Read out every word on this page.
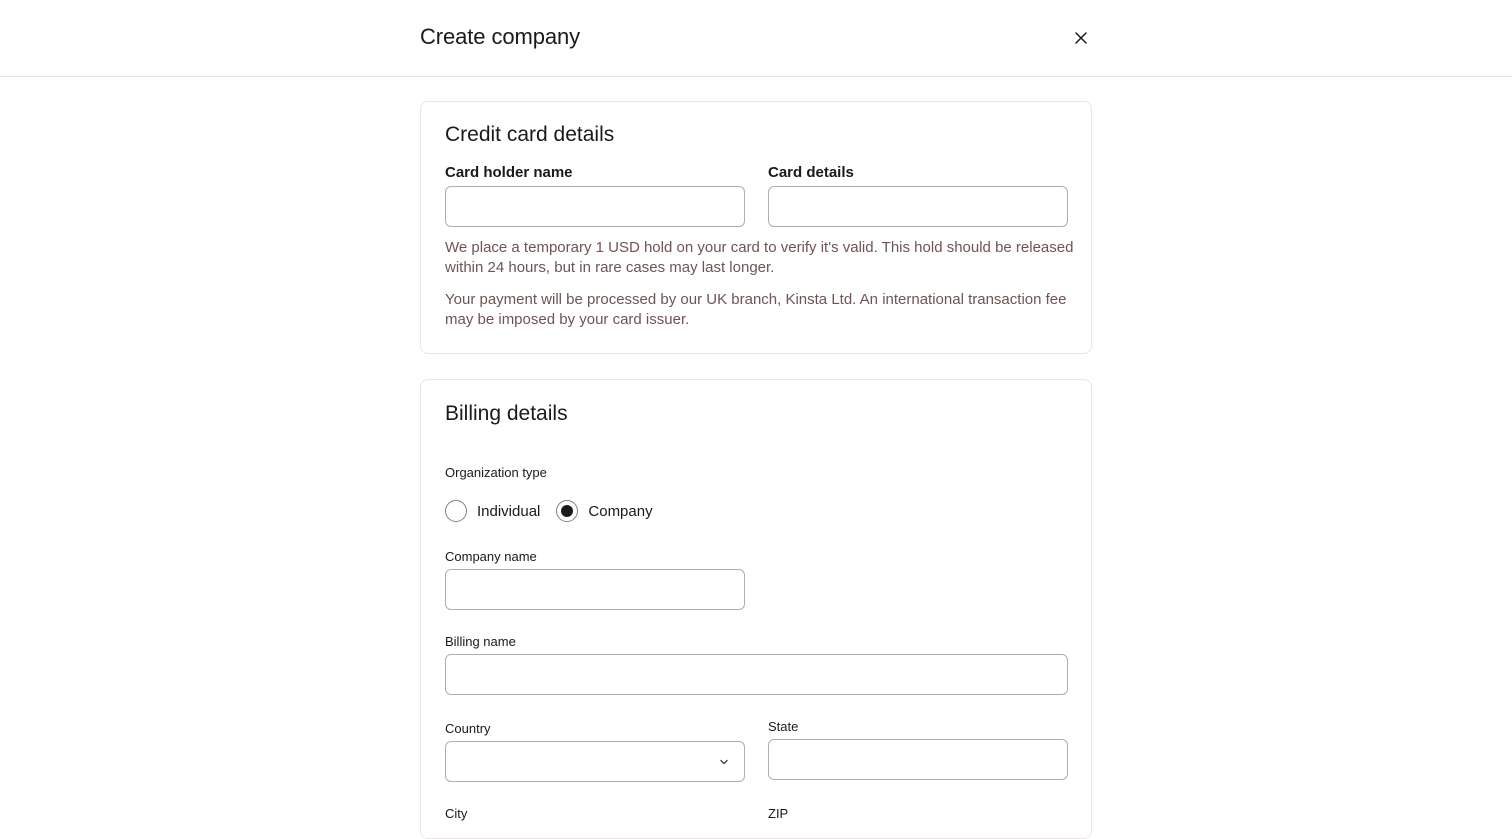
Create company
Credit card details
Card holder name	Card details
We place a temporary 1 USD hold on your card to verify it's valid. This hold should be released within 24 hours, but in rare cases may last longer.
Your payment will be processed by our UK branch, Kinsta Ltd. An international transaction fee may be imposed by your card issuer.
Billing details
Organization type
Individual	Company
Company name
Billing name
Country	State
City	ZIP
